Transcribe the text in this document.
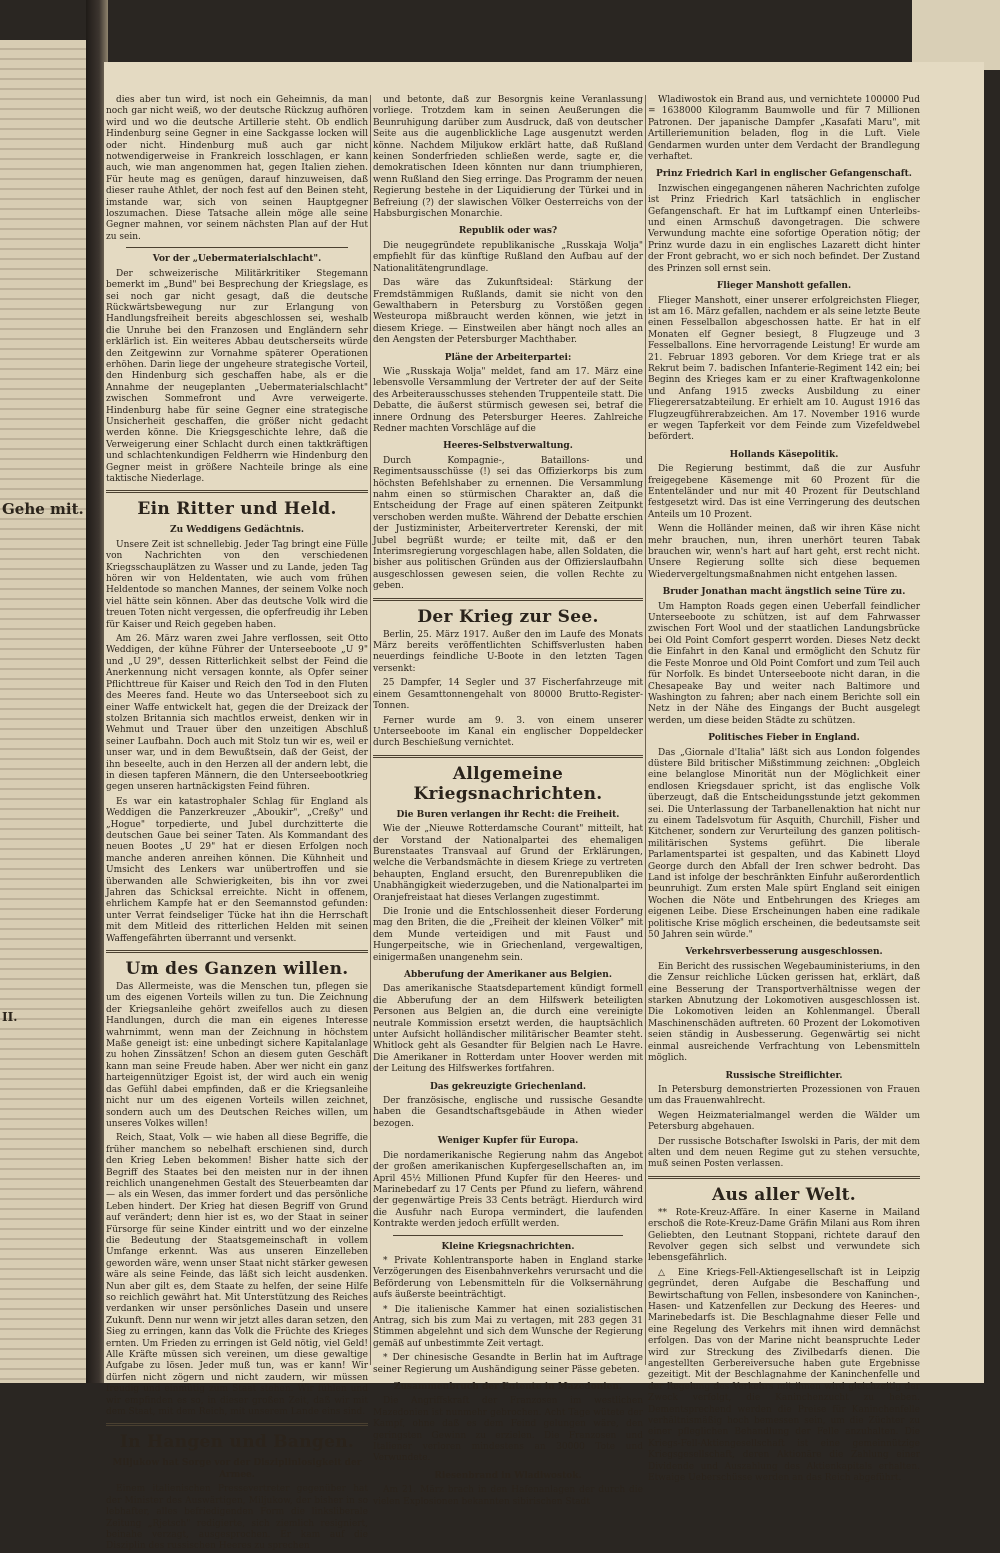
Gehe mit.
II.

dies aber tun wird, ist noch ein Geheimnis, da man noch gar nicht weiß, wo der deutsche Rückzug aufhören wird und wo die deutsche Artillerie steht. Ob endlich Hindenburg seine Gegner in eine Sackgasse locken will oder nicht. Hindenburg muß auch gar nicht notwendigerweise in Frankreich losschlagen, er kann auch, wie man angenommen hat, gegen Italien ziehen. Für heute mag es genügen, darauf hinzuweisen, daß dieser rauhe Athlet, der noch fest auf den Beinen steht, imstande war, sich von seinen Hauptgegner loszumachen. Diese Tatsache allein möge alle seine Gegner mahnen, vor seinem nächsten Plan auf der Hut zu sein.

Vor der „Uebermaterialschlacht".

Der schweizerische Militärkritiker Stegemann bemerkt im „Bund" bei Besprechung der Kriegslage, es sei noch gar nicht gesagt, daß die deutsche Rückwärtsbewegung nur zur Erlangung von Handlungsfreiheit bereits abgeschlossen sei, weshalb die Unruhe bei den Franzosen und Engländern sehr erklärlich ist. Ein weiteres Abbau deutscherseits würde den Zeitgewinn zur Vornahme späterer Operationen erhöhen. Darin liege der ungeheure strategische Vorteil, den Hindenburg sich geschaffen habe, als er die Annahme der neugeplanten „Uebermaterialschlacht" zwischen Sommefront und Avre verweigerte. Hindenburg habe für seine Gegner eine strategische Unsicherheit geschaffen, die größer nicht gedacht werden könne. Die Kriegsgeschichte lehre, daß die Verweigerung einer Schlacht durch einen taktkräftigen und schlachtenkundigen Feldherrn wie Hindenburg den Gegner meist in größere Nachteile bringe als eine taktische Niederlage.

Ein Ritter und Held.
Zu Weddigens Gedächtnis.

Unsere Zeit ist schnellebig. Jeder Tag bringt eine Fülle von Nachrichten von den verschiedenen Kriegsschauplätzen zu Wasser und zu Lande, jeden Tag hören wir von Heldentaten, wie auch vom frühen Heldentode so manchen Mannes, der seinem Volke noch viel hätte sein können. Aber das deutsche Volk wird die treuen Toten nicht vergessen, die opferfreudig ihr Leben für Kaiser und Reich gegeben haben.

Am 26. März waren zwei Jahre verflossen, seit Otto Weddigen, der kühne Führer der Unterseeboote „U 9" und „U 29", dessen Ritterlichkeit selbst der Feind die Anerkennung nicht versagen konnte, als Opfer seiner Pflichttreue für Kaiser und Reich den Tod in den Fluten des Meeres fand. Heute wo das Unterseeboot sich zu einer Waffe entwickelt hat, gegen die der Dreizack der stolzen Britannia sich machtlos erweist, denken wir in Wehmut und Trauer über den unzeitigen Abschluß seiner Laufbahn. Doch auch mit Stolz tun wir es, weil er unser war, und in dem Bewußtsein, daß der Geist, der ihn beseelte, auch in den Herzen all der andern lebt, die in diesen tapferen Männern, die den Unterseebootkrieg gegen unseren hartnäckigsten Feind führen.

Es war ein katastrophaler Schlag für England als Weddigen die Panzerkreuzer „Aboukir", „Creßy" und „Hogue" torpedierte, und Jubel durchzitterte die deutschen Gaue bei seiner Taten. Als Kommandant des neuen Bootes „U 29" hat er diesen Erfolgen noch manche anderen anreihen können. Die Kühnheit und Umsicht des Lenkers war unübertroffen und sie überwanden alle Schwierigkeiten, bis ihn vor zwei Jahren das Schicksal erreichte. Nicht in offenem, ehrlichem Kampfe hat er den Seemannstod gefunden: unter Verrat feindseliger Tücke hat ihn die Herrschaft mit dem Mitleid des ritterlichen Helden mit seinen Waffengefährten überrannt und versenkt.

Um des Ganzen willen.

Das Allermeiste, was die Menschen tun, pflegen sie um des eigenen Vorteils willen zu tun. Die Zeichnung der Kriegsanleihe gehört zweifellos auch zu diesen Handlungen, durch die man ein eigenes Interesse wahrnimmt, wenn man der Zeichnung in höchstem Maße geneigt ist: eine unbedingt sichere Kapitalanlage zu hohen Zinssätzen! Schon an diesem guten Geschäft kann man seine Freude haben. Aber wer nicht ein ganz harteigennütziger Egoist ist, der wird auch ein wenig das Gefühl dabei empfinden, daß er die Kriegsanleihe nicht nur um des eigenen Vorteils willen zeichnet, sondern auch um des Deutschen Reiches willen, um unseres Volkes willen!

Reich, Staat, Volk — wie haben all diese Begriffe, die früher manchem so nebelhaft erschienen sind, durch den Krieg Leben bekommen! Bisher hatte sich der Begriff des Staates bei den meisten nur in der ihnen reichlich unangenehmen Gestalt des Steuerbeamten dar — als ein Wesen, das immer fordert und das persönliche Leben hindert. Der Krieg hat diesen Begriff von Grund auf verändert; denn hier ist es, wo der Staat in seiner Fürsorge für seine Kinder eintritt und wo der einzelne die Bedeutung der Staatsgemeinschaft in vollem Umfange erkennt. Was aus unseren Einzelleben geworden wäre, wenn unser Staat nicht stärker gewesen wäre als seine Feinde, das läßt sich leicht ausdenken. Nun aber gilt es, dem Staate zu helfen, der seine Hilfe so reichlich gewährt hat. Mit Unterstützung des Reiches verdanken wir unser persönliches Dasein und unsere Zukunft. Denn nur wenn wir jetzt alles daran setzen, den Sieg zu erringen, kann das Volk die Früchte des Krieges ernten. Um Frieden zu erringen ist Geld nötig, viel Geld! Alle Kräfte müssen sich vereinen, um diese gewaltige Aufgabe zu lösen. Jeder muß tun, was er kann! Wir dürfen nicht zögern und nicht zaudern, wir müssen freudig und einmütig zum Staat stehen. Wir fühlen und wir empfinden es so, in dieser großen Zeit, daß wir mit dem Staat, mit dem Reich, mit unserem Lande eins sind.

In Hangen und Bangen.
Miljukow hat Sorge vor der Disziplinlosigkeit der Armee.

Einem italienischen Pressevertreter gegenüber hat der Minister des Auswärtigen, Miljukow, der bisher in so lebhafter, alles befriedigenden Form die linksliberale Zeitung „Rjetsch" redigierte, sich ziemlich resigniert, beinahe verzagt, ausgesprochen. Er kam auf die Disziplin des russischen Heeres zu sprechen

und betonte, daß zur Besorgnis keine Veranlassung vorliege. Trotzdem kam in seinen Aeußerungen die Beunruhigung darüber zum Ausdruck, daß von deutscher Seite aus die augenblickliche Lage ausgenutzt werden könne. Nachdem Miljukow erklärt hatte, daß Rußland keinen Sonderfrieden schließen werde, sagte er, die demokratischen Ideen könnten nur dann triumphieren, wenn Rußland den Sieg erringe. Das Programm der neuen Regierung bestehe in der Liquidierung der Türkei und in Befreiung (?) der slawischen Völker Oesterreichs von der Habsburgischen Monarchie.

Republik oder was?

Die neugegründete republikanische „Russkaja Wolja" empfiehlt für das künftige Rußland den Aufbau auf der Nationalitätengrundlage.

Das wäre das Zukunftsideal: Stärkung der Fremdstämmigen Rußlands, damit sie nicht von den Gewalthabern in Petersburg zu Vorstößen gegen Westeuropa mißbraucht werden können, wie jetzt in diesem Kriege. — Einstweilen aber hängt noch alles an den Aengsten der Petersburger Machthaber.

Pläne der Arbeiterpartei:

Wie „Russkaja Wolja" meldet, fand am 17. März eine lebensvolle Versammlung der Vertreter der auf der Seite des Arbeiterausschusses stehenden Truppenteile statt. Die Debatte, die äußerst stürmisch gewesen sei, betraf die innere Ordnung des Petersburger Heeres. Zahlreiche Redner machten Vorschläge auf die

Heeres-Selbstverwaltung.

Durch Kompagnie-, Bataillons- und Regimentsausschüsse (!) sei das Offizierkorps bis zum höchsten Befehlshaber zu ernennen. Die Versammlung nahm einen so stürmischen Charakter an, daß die Entscheidung der Frage auf einen späteren Zeitpunkt verschoben werden mußte. Während der Debatte erschien der Justizminister, Arbeitervertreter Kerenski, der mit Jubel begrüßt wurde; er teilte mit, daß er den Interimsregierung vorgeschlagen habe, allen Soldaten, die bisher aus politischen Gründen aus der Offizierslaufbahn ausgeschlossen gewesen seien, die vollen Rechte zu geben.

Der Krieg zur See.

Berlin, 25. März 1917. Außer den im Laufe des Monats März bereits veröffentlichten Schiffsverlusten haben neuerdings feindliche U-Boote in den letzten Tagen versenkt:

25 Dampfer, 14 Segler und 37 Fischerfahrzeuge mit einem Gesamttonnengehalt von 80000 Brutto-Register-Tonnen.

Ferner wurde am 9. 3. von einem unserer Unterseeboote im Kanal ein englischer Doppeldecker durch Beschießung vernichtet.

Allgemeine Kriegsnachrichten.
Die Buren verlangen ihr Recht: die Freiheit.

Wie der „Nieuwe Rotterdamsche Courant" mitteilt, hat der Vorstand der Nationalpartei des ehemaligen Burenstaates Transvaal auf Grund der Erklärungen, welche die Verbandsmächte in diesem Kriege zu vertreten behaupten, England ersucht, den Burenrepubliken die Unabhängigkeit wiederzugeben, und die Nationalpartei im Oranjefreistaat hat dieses Verlangen zugestimmt.

Die Ironie und die Entschlossenheit dieser Forderung mag den Briten, die die „Freiheit der kleinen Völker" mit dem Munde verteidigen und mit Faust und Hungerpeitsche, wie in Griechenland, vergewaltigen, einigermaßen unangenehm sein.

Abberufung der Amerikaner aus Belgien.

Das amerikanische Staatsdepartement kündigt formell die Abberufung der an dem Hilfswerk beteiligten Personen aus Belgien an, die durch eine vereinigte neutrale Kommission ersetzt werden, die hauptsächlich unter Aufsicht holländischer militärischer Beamter steht. Whitlock geht als Gesandter für Belgien nach Le Havre. Die Amerikaner in Rotterdam unter Hoover werden mit der Leitung des Hilfswerkes fortfahren.

Das gekreuzigte Griechenland.

Der französische, englische und russische Gesandte haben die Gesandtschaftsgebäude in Athen wieder bezogen.

Weniger Kupfer für Europa.

Die nordamerikanische Regierung nahm das Angebot der großen amerikanischen Kupfergesellschaften an, im April 45½ Millionen Pfund Kupfer für den Heeres- und Marinebedarf zu 17 Cents per Pfund zu liefern, während der gegenwärtige Preis 33 Cents beträgt. Hierdurch wird die Ausfuhr nach Europa vermindert, die laufenden Kontrakte werden jedoch erfüllt werden.

Kleine Kriegsnachrichten.

* Private Kohlentransporte haben in England starke Verzögerungen des Eisenbahnverkehrs verursacht und die Beförderung von Lebensmitteln für die Volksernährung aufs äußerste beeinträchtigt.

* Die italienische Kammer hat einen sozialistischen Antrag, sich bis zum Mai zu vertagen, mit 283 gegen 31 Stimmen abgelehnt und sich dem Wunsche der Regierung gemäß auf unbestimmte Zeit vertagt.

* Der chinesische Gesandte in Berlin hat im Auftrage seiner Regierung um Aushändigung seiner Pässe gebeten.

Zusammenbruch der Entente in Mazedonien.

Die Angriffskraft der Franzosen im westlichen Mazedonien ist nunmehr gebrochen. Acht Tage wütete der Kampf, ohne daß es dem Feind gelungen wäre, den geringsten Gewinn zu erzielen. Die Franzosen und Italiener verloren mindestens an 30000 Tote und Verwundete.

Riesenbrand in Wladiwostok.

Am 21. März brach in den Hafenanlagen der durch die vielen Explosionen bekannten sibirischen Stadt

Wladiwostok ein Brand aus, und vernichtete 100000 Pud = 1638000 Kilogramm Baumwolle und für 7 Millionen Patronen. Der japanische Dampfer „Kasafati Maru", mit Artilleriemunition beladen, flog in die Luft. Viele Gendarmen wurden unter dem Verdacht der Brandlegung verhaftet.

Prinz Friedrich Karl in englischer Gefangenschaft.

Inzwischen eingegangenen näheren Nachrichten zufolge ist Prinz Friedrich Karl tatsächlich in englischer Gefangenschaft. Er hat im Luftkampf einen Unterleibs- und einen Armschuß davongetragen. Die schwere Verwundung machte eine sofortige Operation nötig; der Prinz wurde dazu in ein englisches Lazarett dicht hinter der Front gebracht, wo er sich noch befindet. Der Zustand des Prinzen soll ernst sein.

Flieger Manshott gefallen.

Flieger Manshott, einer unserer erfolgreichsten Flieger, ist am 16. März gefallen, nachdem er als seine letzte Beute einen Fesselballon abgeschossen hatte. Er hat in elf Monaten elf Gegner besiegt, 8 Flugzeuge und 3 Fesselballons. Eine hervorragende Leistung! Er wurde am 21. Februar 1893 geboren. Vor dem Kriege trat er als Rekrut beim 7. badischen Infanterie-Regiment 142 ein; bei Beginn des Krieges kam er zu einer Kraftwagenkolonne und Anfang 1915 zwecks Ausbildung zu einer Fliegerersatzabteilung. Er erhielt am 10. August 1916 das Flugzeugführerabzeichen. Am 17. November 1916 wurde er wegen Tapferkeit vor dem Feinde zum Vizefeldwebel befördert.

Hollands Käsepolitik.

Die Regierung bestimmt, daß die zur Ausfuhr freigegebene Käsemenge mit 60 Prozent für die Ententeländer und nur mit 40 Prozent für Deutschland festgesetzt wird. Das ist eine Verringerung des deutschen Anteils um 10 Prozent.

Wenn die Holländer meinen, daß wir ihren Käse nicht mehr brauchen, nun, ihren unerhört teuren Tabak brauchen wir, wenn's hart auf hart geht, erst recht nicht. Unsere Regierung sollte sich diese bequemen Wiedervergeltungsmaßnahmen nicht entgehen lassen.

Bruder Jonathan macht ängstlich seine Türe zu.

Um Hampton Roads gegen einen Ueberfall feindlicher Unterseeboote zu schützen, ist auf dem Fahrwasser zwischen Fort Wool und der staatlichen Landungsbrücke bei Old Point Comfort gesperrt worden. Dieses Netz deckt die Einfahrt in den Kanal und ermöglicht den Schutz für die Feste Monroe und Old Point Comfort und zum Teil auch für Norfolk. Es bindet Unterseeboote nicht daran, in die Chesapeake Bay und weiter nach Baltimore und Washington zu fahren; aber nach einem Berichte soll ein Netz in der Nähe des Eingangs der Bucht ausgelegt werden, um diese beiden Städte zu schützen.

Politisches Fieber in England.

Das „Giornale d'Italia" läßt sich aus London folgendes düstere Bild britischer Mißstimmung zeichnen: „Obgleich eine belanglose Minorität nun der Möglichkeit einer endlosen Kriegsdauer spricht, ist das englische Volk überzeugt, daß die Entscheidungsstunde jetzt gekommen sei. Die Unterlassung der Tarbanellenaktion hat nicht nur zu einem Tadelsvotum für Asquith, Churchill, Fisher und Kitchener, sondern zur Verurteilung des ganzen politisch-militärischen Systems geführt. Die liberale Parlamentspartei ist gespalten, und das Kabinett Lloyd George durch den Abfall der Iren schwer bedroht. Das Land ist infolge der beschränkten Einfuhr außerordentlich beunruhigt. Zum ersten Male spürt England seit einigen Wochen die Nöte und Entbehrungen des Krieges am eigenen Leibe. Diese Erscheinungen haben eine radikale politische Krise möglich erscheinen, die bedeutsamste seit 50 Jahren sein würde."

Verkehrsverbesserung ausgeschlossen.

Ein Bericht des russischen Wegebauministeriums, in den die Zensur reichliche Lücken gerissen hat, erklärt, daß eine Besserung der Transportverhältnisse wegen der starken Abnutzung der Lokomotiven ausgeschlossen ist. Die Lokomotiven leiden an Kohlenmangel. Überall Maschinenschäden auftreten. 60 Prozent der Lokomotiven seien ständig in Ausbesserung. Gegenwärtig sei nicht einmal ausreichende Verfrachtung von Lebensmitteln möglich.

Russische Streiflichter.

In Petersburg demonstrierten Prozessionen von Frauen um das Frauenwahlrecht.

Wegen Heizmaterialmangel werden die Wälder um Petersburg abgehauen.

Der russische Botschafter Iswolski in Paris, der mit dem alten und dem neuen Regime gut zu stehen versuchte, muß seinen Posten verlassen.

Aus aller Welt.

** Rote-Kreuz-Affäre. In einer Kaserne in Mailand erschoß die Rote-Kreuz-Dame Gräfin Milani aus Rom ihren Geliebten, den Leutnant Stoppani, richtete darauf den Revolver gegen sich selbst und verwundete sich lebensgefährlich.

△ Eine Kriegs-Fell-Aktiengesellschaft ist in Leipzig gegründet, deren Aufgabe die Beschaffung und Bewirtschaftung von Fellen, insbesondere von Kaninchen-, Hasen- und Katzenfellen zur Deckung des Heeres- und Marinebedarfs ist. Die Beschlagnahme dieser Felle und eine Regelung des Verkehrs mit ihnen wird demnächst erfolgen. Das von der Marine nicht beanspruchte Leder wird zur Streckung des Zivilbedarfs dienen. Die angestellten Gerbereiversuche haben gute Ergebnisse gezeitigt. Mit der Beschlagnahme der Kaninchenfelle und der Regelung des Verkehrs mit ihnen wird gleichzeitig der Zweck verfolgt, die Kaninchenzucht zu heben. Dementsprechend werden die Preise für Kaninchenfelle verhältnismäßig hoch bemessen sein, um die Züchter zu einer pfleglichen Behandlung der Felle anzuhalten. Die Kriegs-Fell-Aktiengesellschaft ist eine gemeinnützige Kriegsgesellschaft, deren Aktionäre die Zahlung einer Dividende und Auszahlung des Aktienkapitals erhalten. Etwaige Ueberschüsse werden an das Reich abgeführt.
